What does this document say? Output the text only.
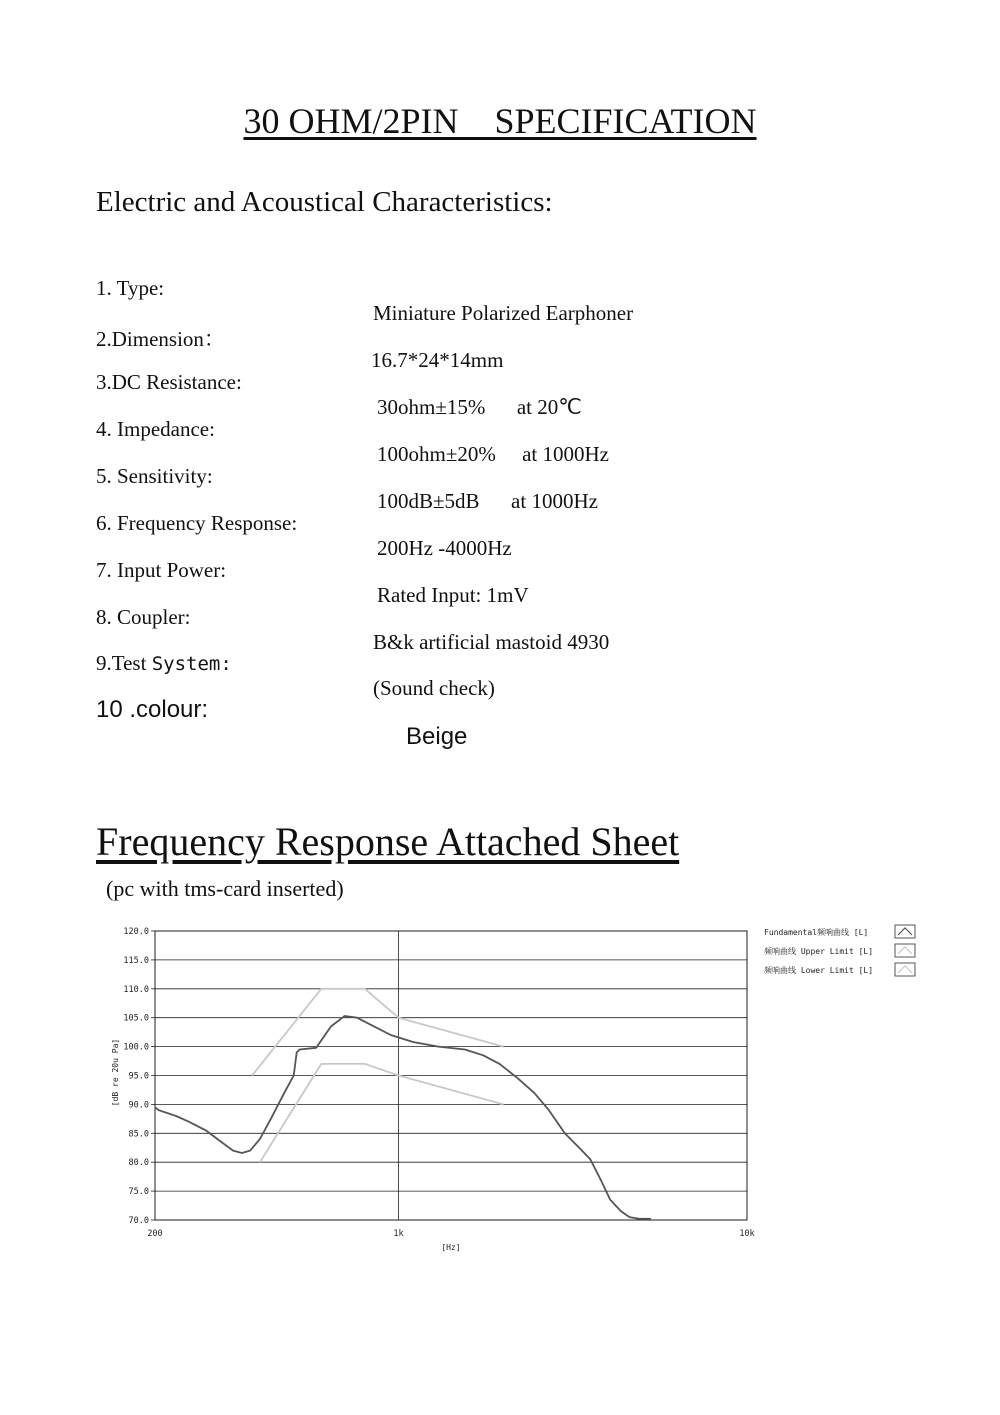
30 OHM/2PIN    SPECIFICATION
Electric and Acoustical Characteristics:

1. Type:

Miniature Polarized Earphoner

2.Dimension：

16.7*24*14mm

3.DC Resistance:

30ohm±15%      at 20℃

4. Impedance:

100ohm±20%     at 1000Hz

5. Sensitivity:

100dB±5dB      at 1000Hz

6. Frequency Response:

200Hz -4000Hz

7. Input Power:

Rated Input: 1mV

8. Coupler:

B&k artificial mastoid 4930

9.Test System:

(Sound check)

10 .colour:

Beige

Frequency Response Attached Sheet
(pc with tms-card inserted)
70.0
75.0
80.0
85.0
90.0
95.0
100.0
105.0
110.0
115.0
120.0
200	1k	10k
[Hz]
[dB re 20u Pa]
Fundamental频响曲线 [L]
频响曲线 Upper Limit [L]
频响曲线 Lower Limit [L]
